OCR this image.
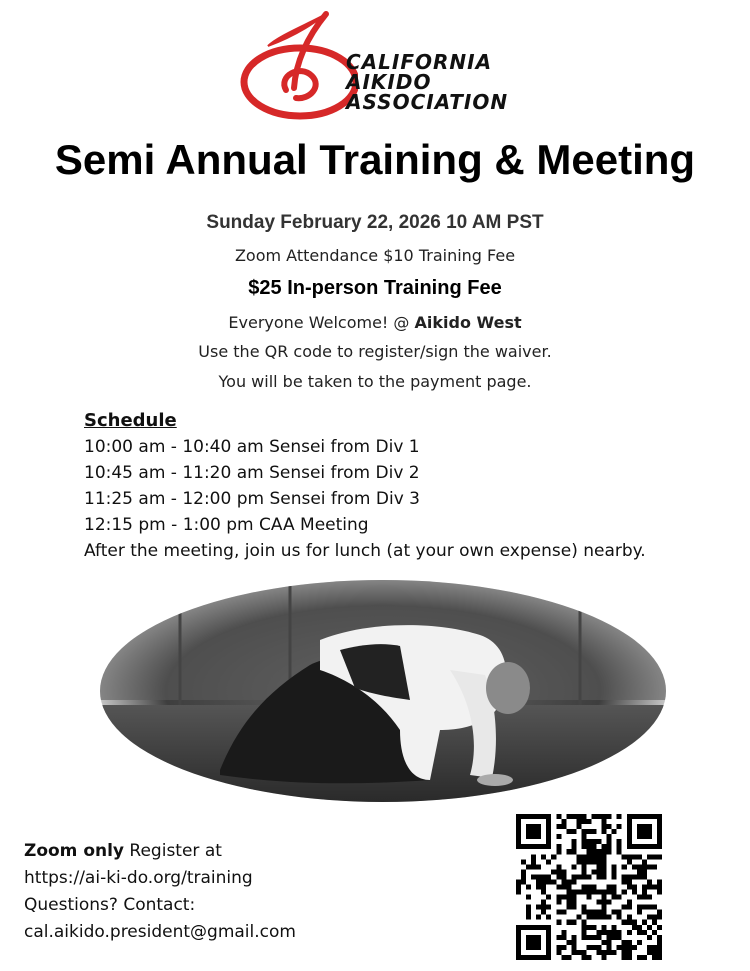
CALIFORNIA
AIKIDO
ASSOCIATION
Semi Annual Training & Meeting
Sunday February 22, 2026 10 AM PST
Zoom Attendance $10 Training Fee
$25 In-person Training Fee
Everyone Welcome! @ Aikido West
Use the QR code to register/sign the waiver.
You will be taken to the payment page.
Schedule
10:00 am - 10:40 am Sensei from Div 1
10:45 am - 11:20 am Sensei from Div 2
11:25 am - 12:00 pm Sensei from Div 3
12:15 pm - 1:00 pm CAA Meeting
After the meeting, join us for lunch (at your own expense) nearby.
Zoom only Register at
https://ai-ki-do.org/training
Questions? Contact:
cal.aikido.president@gmail.com
